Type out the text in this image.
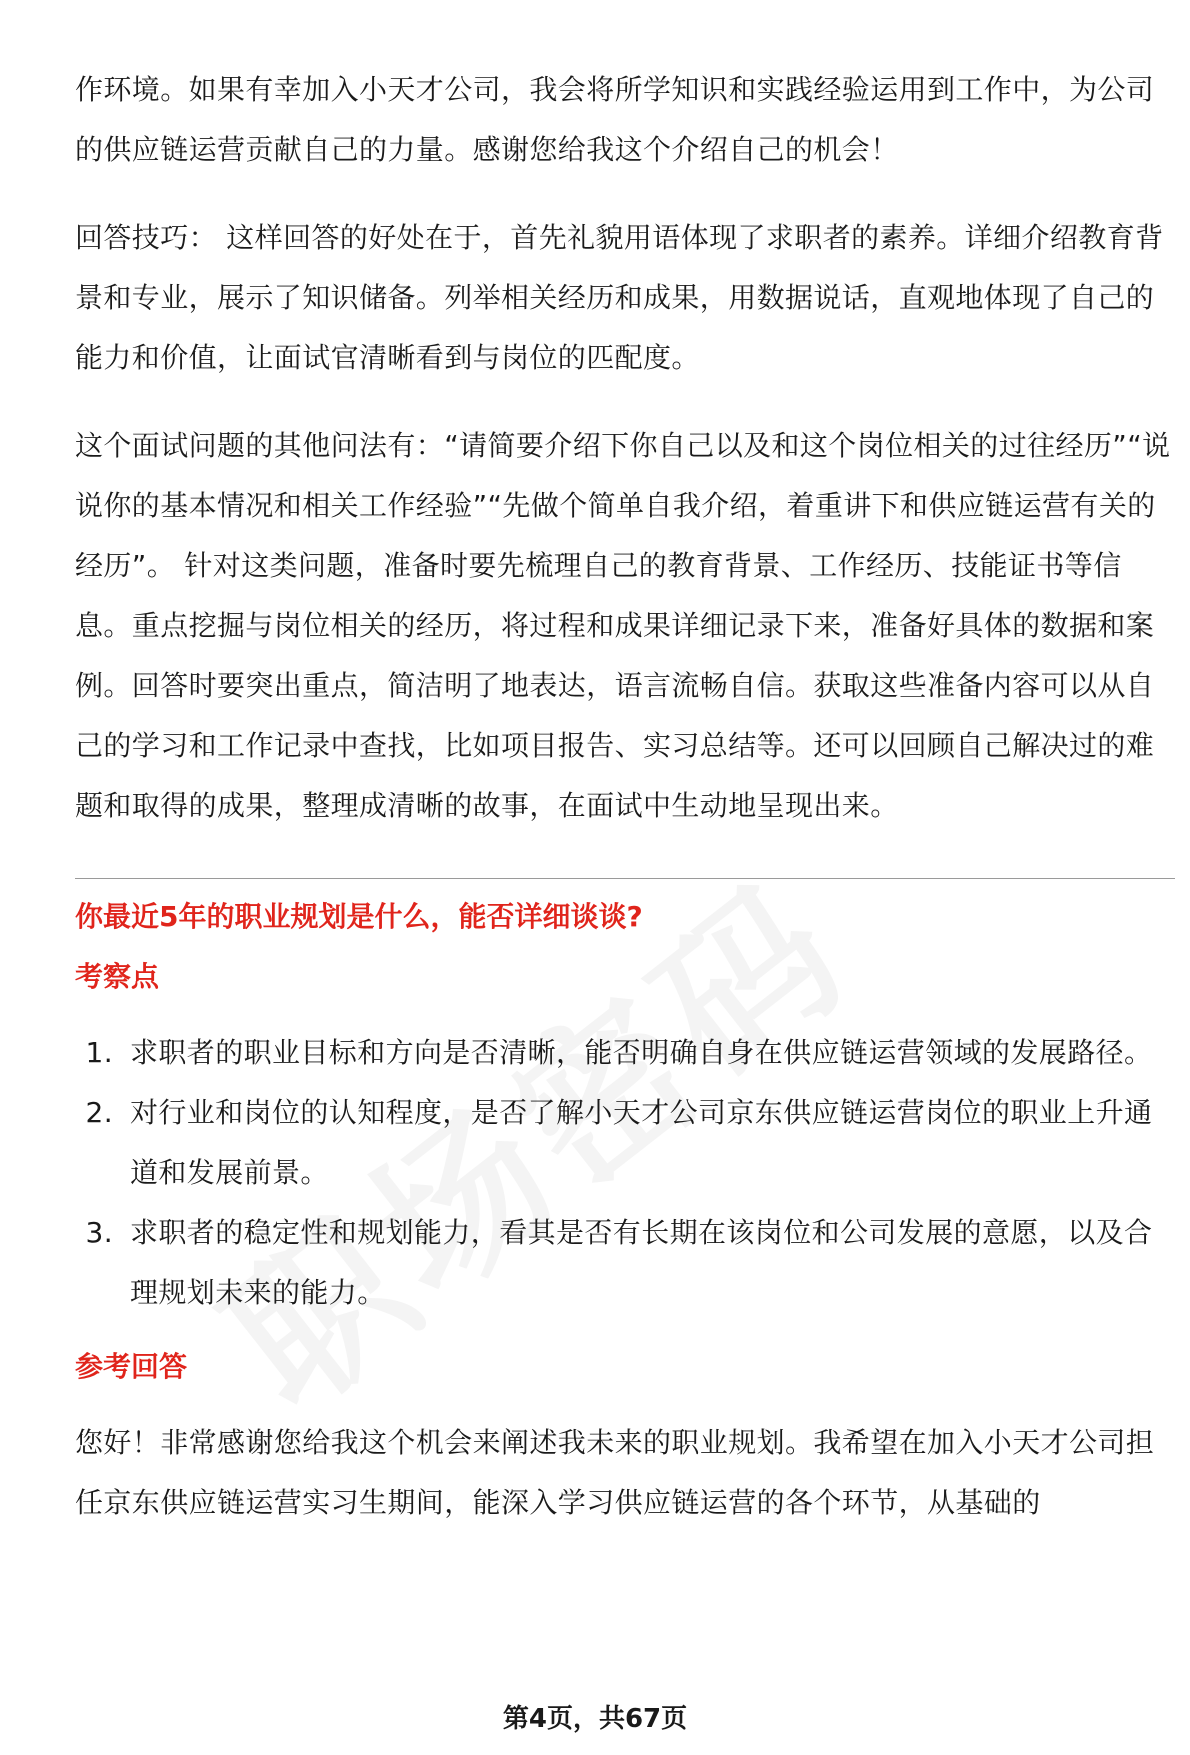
作环境。如果有幸加入小天才公司，我会将所学知识和实践经验运用到工作中，为公司的供应链运营贡献自己的力量。感谢您给我这个介绍自己的机会！

回答技巧： 这样回答的好处在于，首先礼貌用语体现了求职者的素养。详细介绍教育背景和专业，展示了知识储备。列举相关经历和成果，用数据说话，直观地体现了自己的能力和价值，让面试官清晰看到与岗位的匹配度。

这个面试问题的其他问法有：“请简要介绍下你自己以及和这个岗位相关的过往经历”“说说你的基本情况和相关工作经验”“先做个简单自我介绍，着重讲下和供应链运营有关的经历”。 针对这类问题，准备时要先梳理自己的教育背景、工作经历、技能证书等信息。重点挖掘与岗位相关的经历，将过程和成果详细记录下来，准备好具体的数据和案例。回答时要突出重点，简洁明了地表达，语言流畅自信。获取这些准备内容可以从自己的学习和工作记录中查找，比如项目报告、实习总结等。还可以回顾自己解决过的难题和取得的成果，整理成清晰的故事，在面试中生动地呈现出来。

你最近5年的职业规划是什么，能否详细谈谈?
考察点
1. 求职者的职业目标和方向是否清晰，能否明确自身在供应链运营领域的发展路径。
2. 对行业和岗位的认知程度，是否了解小天才公司京东供应链运营岗位的职业上升通道和发展前景。
3. 求职者的稳定性和规划能力，看其是否有长期在该岗位和公司发展的意愿，以及合理规划未来的能力。
参考回答

您好！非常感谢您给我这个机会来阐述我未来的职业规划。我希望在加入小天才公司担任京东供应链运营实习生期间，能深入学习供应链运营的各个环节，从基础的

第4页，共67页
